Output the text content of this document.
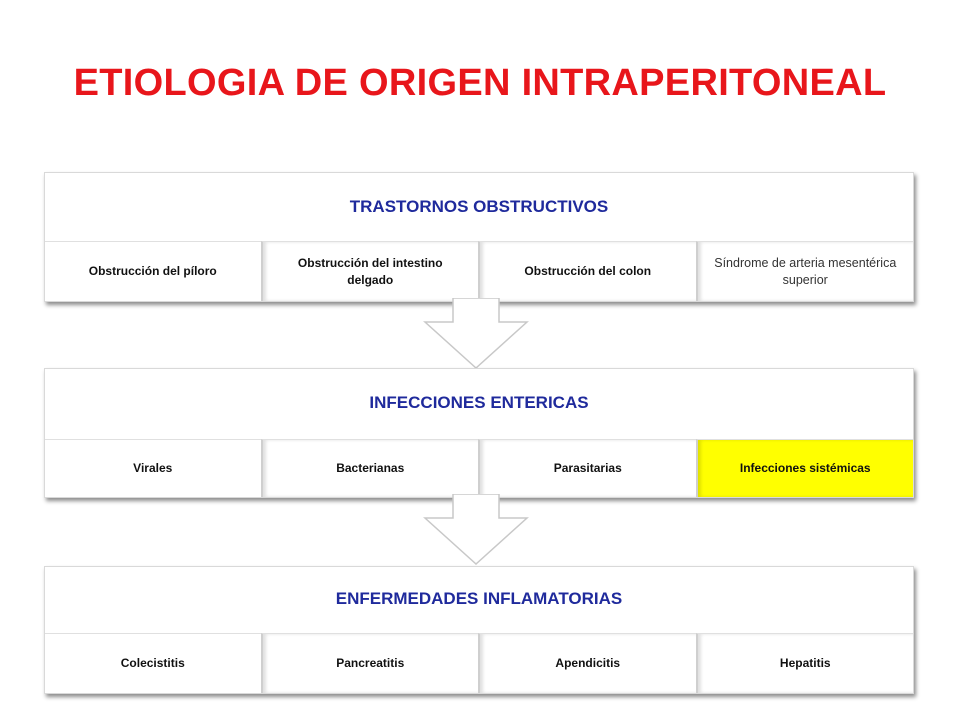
ETIOLOGIA DE ORIGEN INTRAPERITONEAL
TRASTORNOS OBSTRUCTIVOS
Obstrucción del píloro
Obstrucción del intestino delgado
Obstrucción del colon
Síndrome de arteria mesentérica superior
INFECCIONES ENTERICAS
Virales	Bacterianas	Parasitarias	Infecciones sistémicas
ENFERMEDADES INFLAMATORIAS
Colecistitis	Pancreatitis	Apendicitis	Hepatitis
